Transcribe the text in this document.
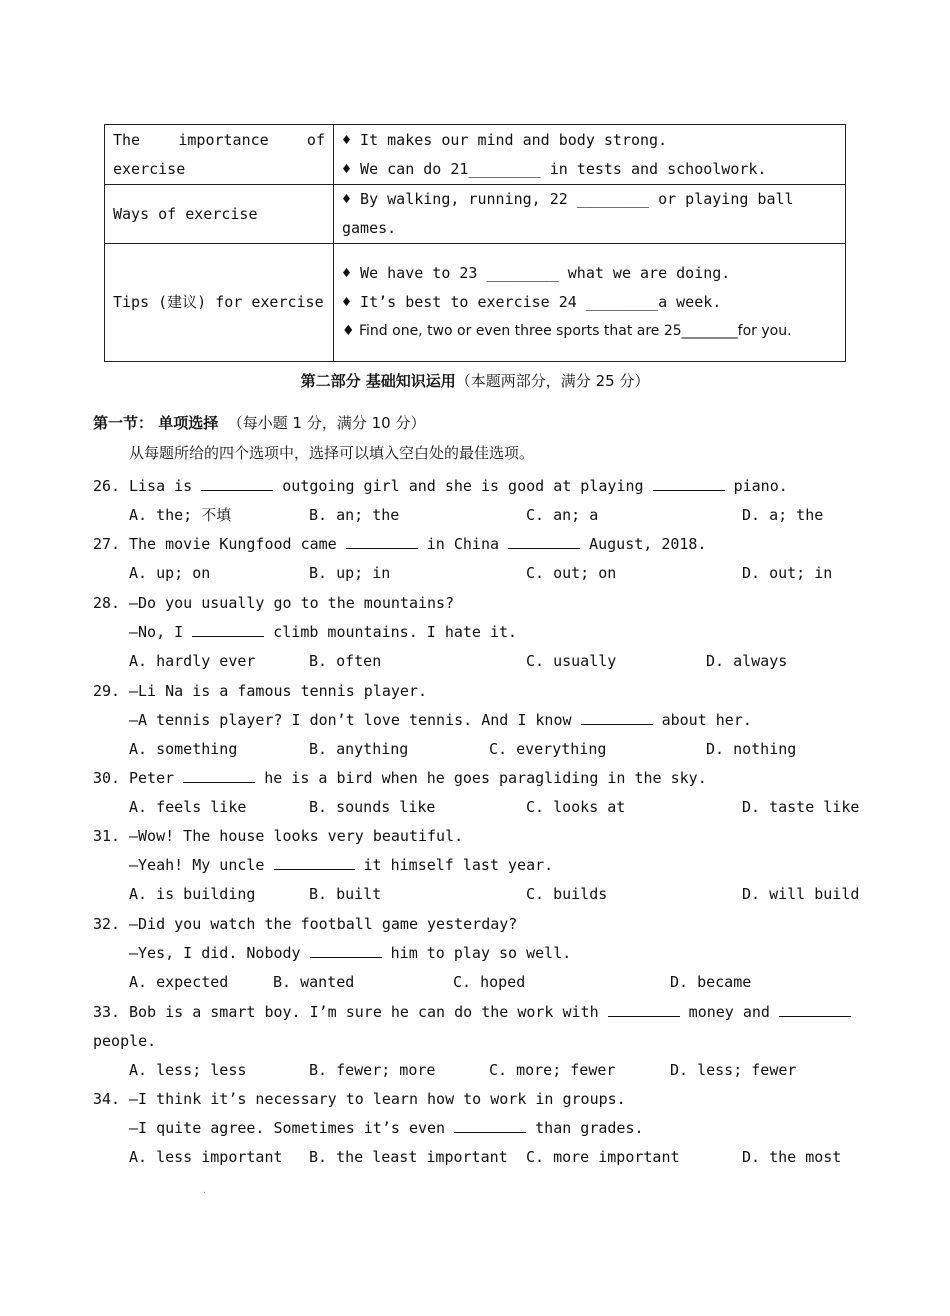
The importance of exercise	♦ It makes our mind and body strong.
♦ We can do 21________ in tests and schoolwork.

Ways of exercise	♦ By walking, running, 22 ________ or playing ball games.

Tips (建议) for exercise	♦ We have to 23 ________ what we are doing.
♦ It’s best to exercise 24 ________a week.
♦ Find one, two or even three sports that are 25________for you.
第二部分 基础知识运用（本题两部分，满分 25 分）
第一节： 单项选择  （每小题 1 分，满分 10 分）
从每题所给的四个选项中，选择可以填入空白处的最佳选项。
26. Lisa is	outgoing girl and she is good at playing	piano.
A. the; 不填	B. an; the	C. an; a	D. a; the
27. The movie Kungfood came	in China	August, 2018.
A. up; on	B. up; in	C. out; on	D. out; in
28. —Do you usually go to the mountains?
—No, I	climb mountains. I hate it.
A. hardly ever	B. often	C. usually	D. always
29. —Li Na is a famous tennis player.
—A tennis player? I don’t love tennis. And I know	about her.
A. something	B. anything	C. everything	D. nothing
30. Peter	he is a bird when he goes paragliding in the sky.
A. feels like	B. sounds like	C. looks at	D. taste like
31. —Wow! The house looks very beautiful.
—Yeah! My uncle	it himself last year.
A. is building	B. built	C. builds	D. will build
32. —Did you watch the football game yesterday?
—Yes, I did. Nobody	him to play so well.
A. expected	B. wanted	C. hoped	D. became
33. Bob is a smart boy. I’m sure he can do the work with	money and
people.
A. less; less	B. fewer; more	C. more; fewer	D. less; fewer
34. —I think it’s necessary to learn how to work in groups.
—I quite agree. Sometimes it’s even	than grades.
A. less important B. the least important C. more important	D. the most
·
